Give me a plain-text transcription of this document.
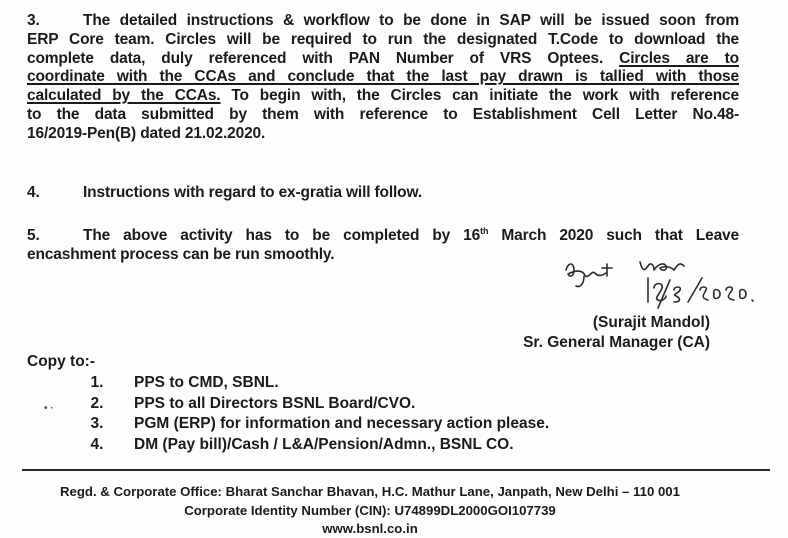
3.	The detailed instructions & workflow to be done in SAP will be issued soon from
ERP Core team. Circles will be required to run the designated T.Code to download the
complete data, duly referenced with PAN Number of VRS Optees. Circles are to
coordinate with the CCAs and conclude that the last pay drawn is tallied with those
calculated by the CCAs. To begin with, the Circles can initiate the work with reference
to the data submitted by them with reference to Establishment Cell Letter No.48-
16/2019-Pen(B) dated 21.02.2020.
4.	Instructions with regard to ex-gratia will follow.
5.	The above activity has to be completed by 16th March 2020 such that Leave
encashment process can be run smoothly.
(Surajit Mandol)
Sr. General Manager (CA)
Copy to:-
• ·
1.	PPS to CMD, SBNL.
2.	PPS to all Directors BSNL Board/CVO.
3.	PGM (ERP) for information and necessary action please.
4.	DM (Pay bill)/Cash / L&A/Pension/Admn., BSNL CO.
Regd. & Corporate Office: Bharat Sanchar Bhavan, H.C. Mathur Lane, Janpath, New Delhi – 110 001
Corporate Identity Number (CIN): U74899DL2000GOI107739
www.bsnl.co.in
